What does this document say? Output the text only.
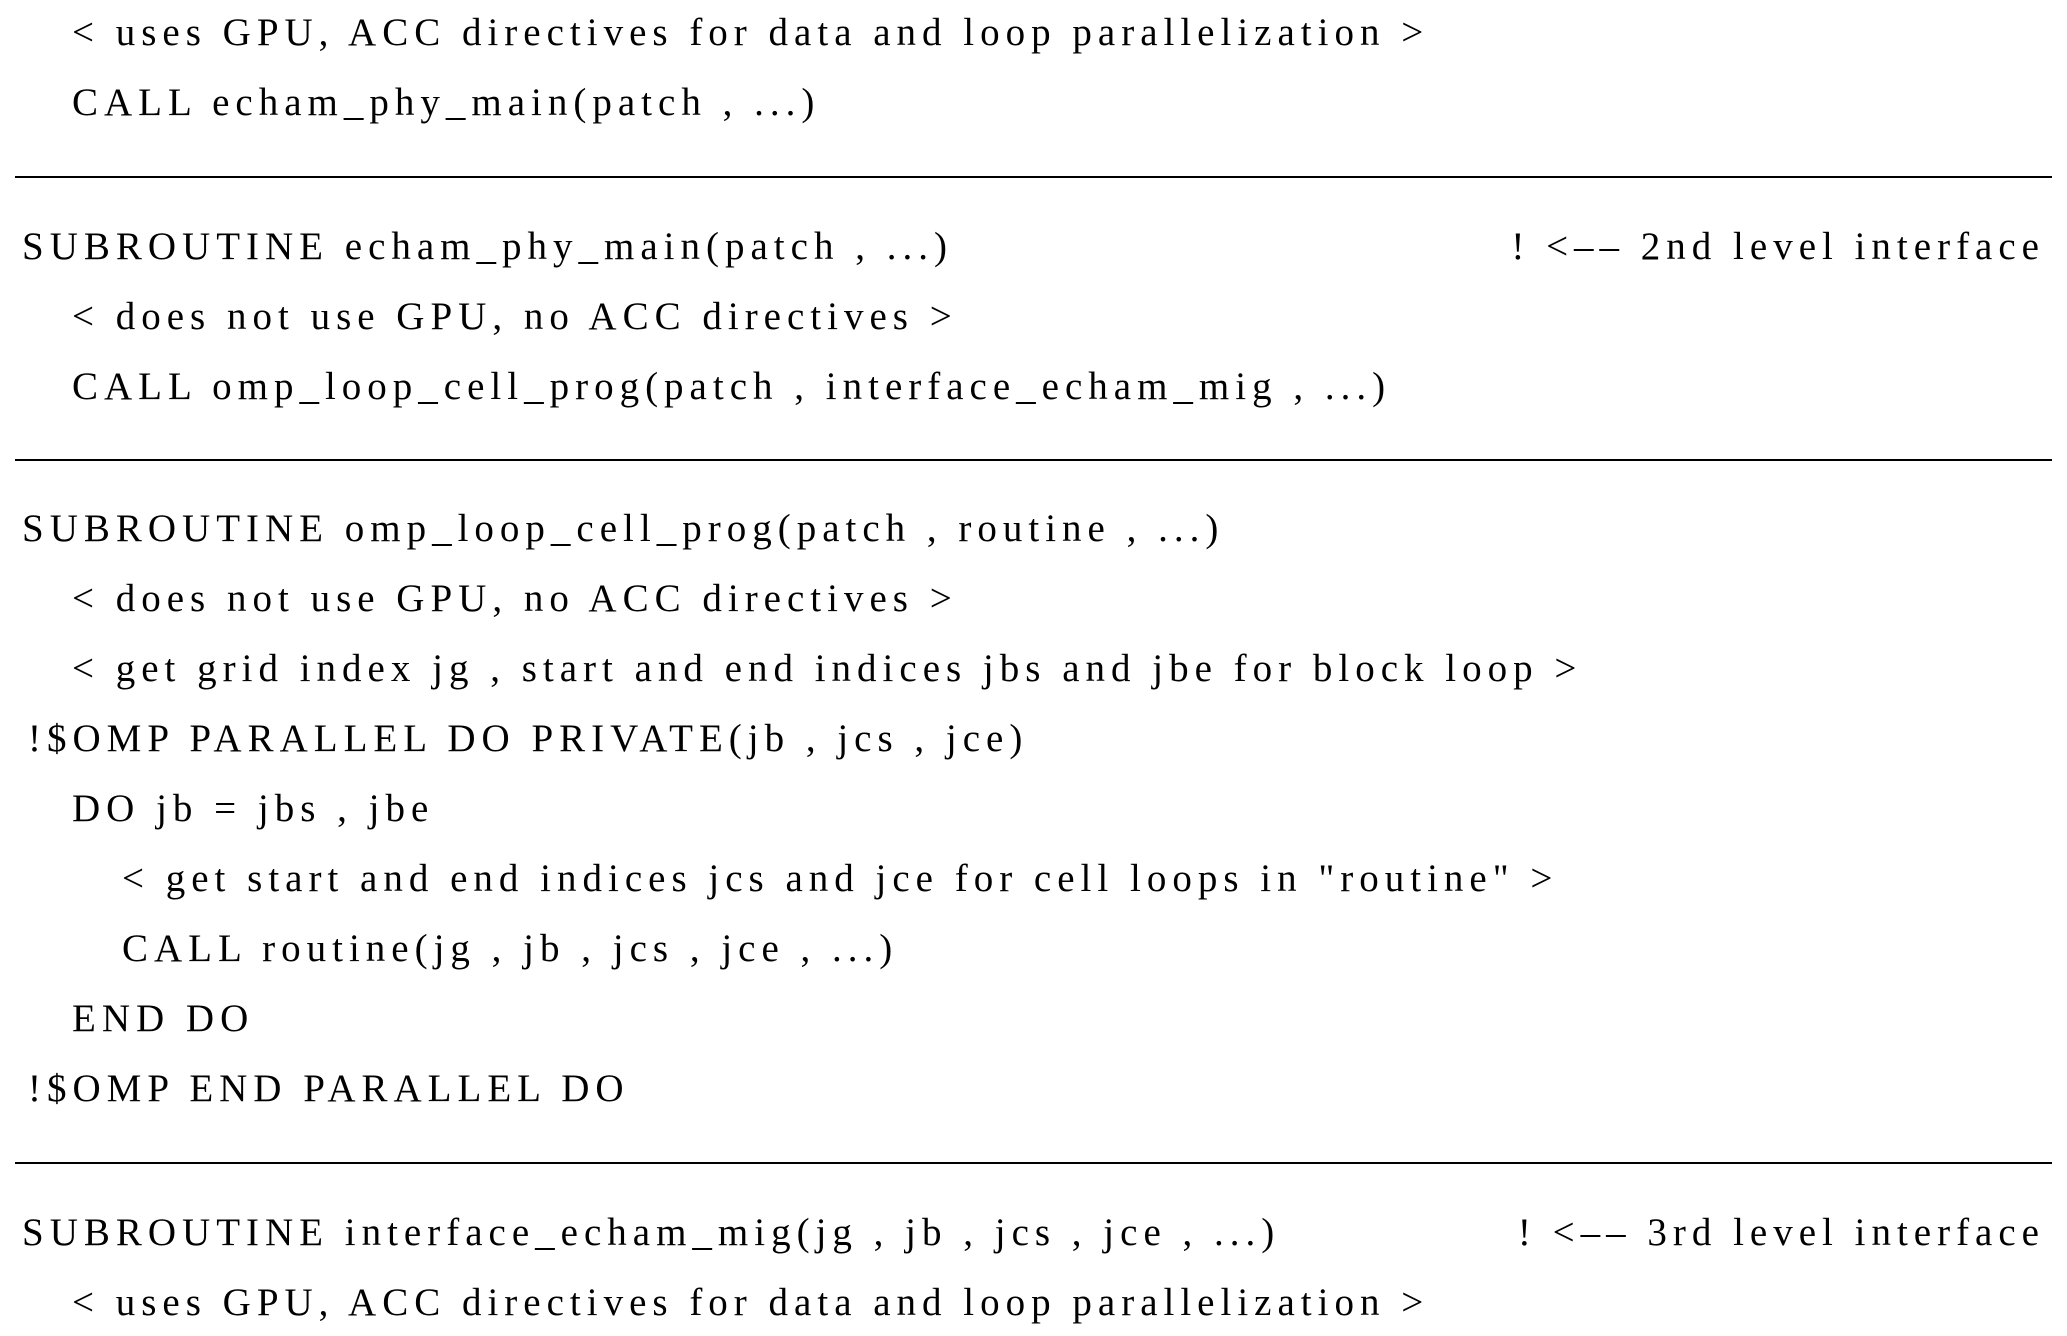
< uses GPU, ACC directives for data and loop parallelization >
CALL echam_phy_main(patch , ...)
SUBROUTINE echam_phy_main(patch , ...)	! <–– 2nd level interface
< does not use GPU, no ACC directives >
CALL omp_loop_cell_prog(patch , interface_echam_mig , ...)
SUBROUTINE omp_loop_cell_prog(patch , routine , ...)
< does not use GPU, no ACC directives >
< get grid index jg , start and end indices jbs and jbe for block loop >
!$OMP PARALLEL DO PRIVATE(jb , jcs , jce)
DO jb = jbs , jbe
< get start and end indices jcs and jce for cell loops in "routine" >
CALL routine(jg , jb , jcs , jce , ...)
END DO
!$OMP END PARALLEL DO
SUBROUTINE interface_echam_mig(jg , jb , jcs , jce , ...)	! <–– 3rd level interface
< uses GPU, ACC directives for data and loop parallelization >
